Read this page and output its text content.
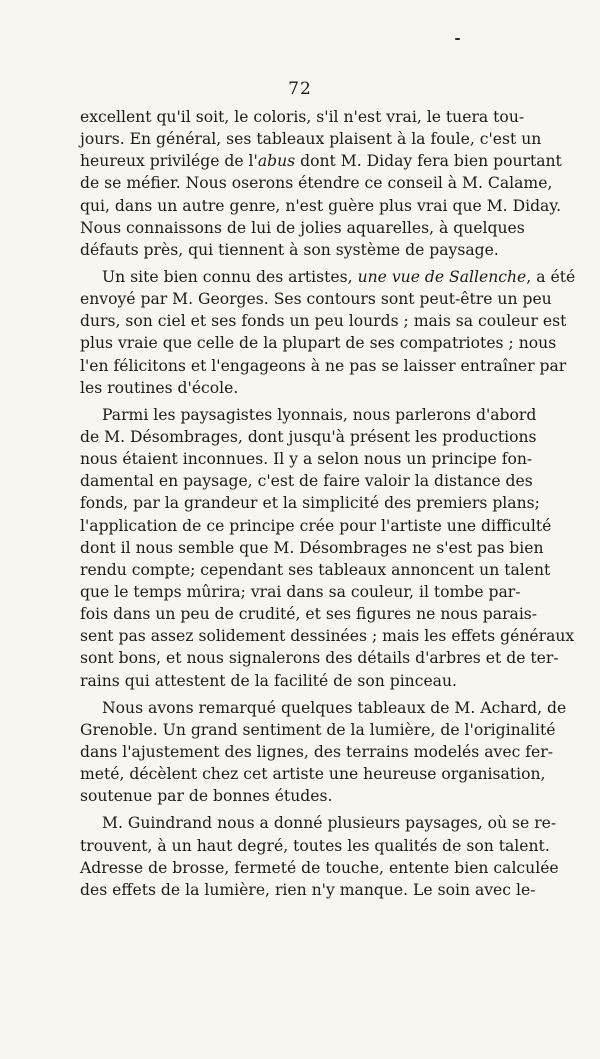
72
excellent qu'il soit, le coloris, s'il n'est vrai, le tuera tou-
jours. En général, ses tableaux plaisent à la foule, c'est un
heureux privilége de l'abus dont M. Diday fera bien pourtant
de se méfier. Nous oserons étendre ce conseil à M. Calame,
qui, dans un autre genre, n'est guère plus vrai que M. Diday.
Nous connaissons de lui de jolies aquarelles, à quelques
défauts près, qui tiennent à son système de paysage.
Un site bien connu des artistes, une vue de Sallenche, a été
envoyé par M. Georges. Ses contours sont peut-être un peu
durs, son ciel et ses fonds un peu lourds ; mais sa couleur est
plus vraie que celle de la plupart de ses compatriotes ; nous
l'en félicitons et l'engageons à ne pas se laisser entraîner par
les routines d'école.
Parmi les paysagistes lyonnais, nous parlerons d'abord
de M. Désombrages, dont jusqu'à présent les productions
nous étaient inconnues. Il y a selon nous un principe fon-
damental en paysage, c'est de faire valoir la distance des
fonds, par la grandeur et la simplicité des premiers plans;
l'application de ce principe crée pour l'artiste une difficulté
dont il nous semble que M. Désombrages ne s'est pas bien
rendu compte; cependant ses tableaux annoncent un talent
que le temps mûrira; vrai dans sa couleur, il tombe par-
fois dans un peu de crudité, et ses figures ne nous parais-
sent pas assez solidement dessinées ; mais les effets généraux
sont bons, et nous signalerons des détails d'arbres et de ter-
rains qui attestent de la facilité de son pinceau.
Nous avons remarqué quelques tableaux de M. Achard, de
Grenoble. Un grand sentiment de la lumière, de l'originalité
dans l'ajustement des lignes, des terrains modelés avec fer-
meté, décèlent chez cet artiste une heureuse organisation,
soutenue par de bonnes études.
M. Guindrand nous a donné plusieurs paysages, où se re-
trouvent, à un haut degré, toutes les qualités de son talent.
Adresse de brosse, fermeté de touche, entente bien calculée
des effets de la lumière, rien n'y manque. Le soin avec le-
